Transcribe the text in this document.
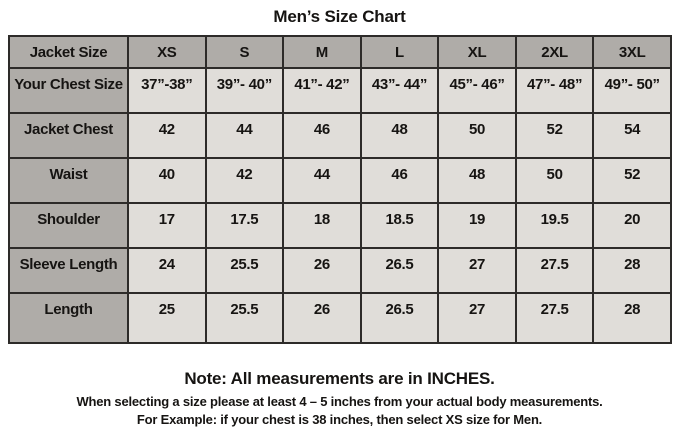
Men’s Size Chart
Jacket Size	XS	S	M	L	XL	2XL	3XL
Your Chest Size	37”-38”	39”- 40”	41”- 42”	43”- 44”	45”- 46”	47”- 48”	49”- 50”
Jacket Chest	42	44	46	48	50	52	54
Waist	40	42	44	46	48	50	52
Shoulder	17	17.5	18	18.5	19	19.5	20
Sleeve Length	24	25.5	26	26.5	27	27.5	28
Length	25	25.5	26	26.5	27	27.5	28
Note: All measurements are in INCHES.
When selecting a size please at least 4 – 5 inches from your actual body measurements.
For Example: if your chest is 38 inches, then select XS size for Men.
